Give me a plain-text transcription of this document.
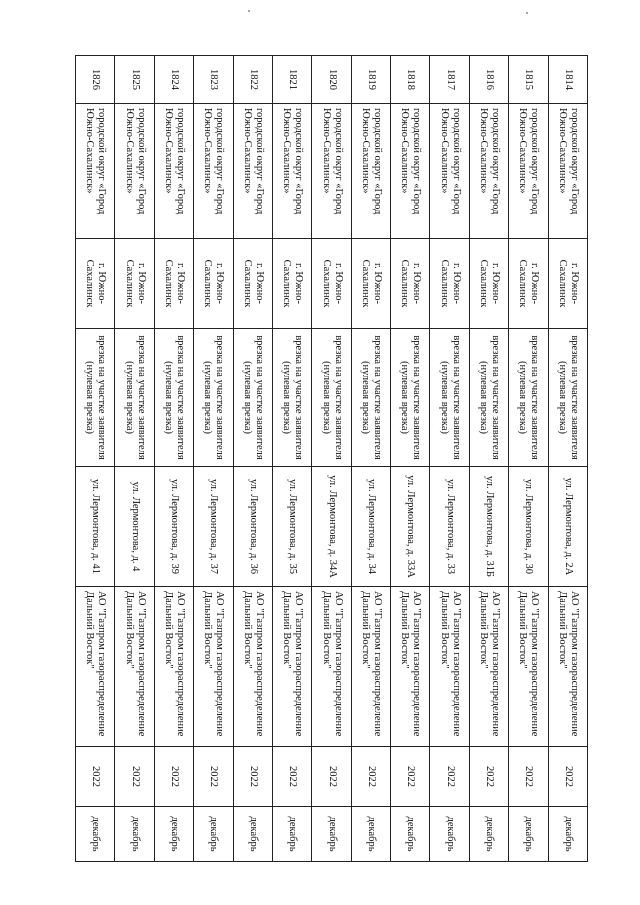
1814	городской округ «Город Южно-Сахалинск»	г. Южно-Сахалинск	врезка на участке заявителя (нулевая врезка)	ул. Лермонтова, д. 2А	АО "Газпром газораспределение Дальний Восток"	2022	декабрь
1815	городской округ «Город Южно-Сахалинск»	г. Южно-Сахалинск	врезка на участке заявителя (нулевая врезка)	ул. Лермонтова, д. 30	АО "Газпром газораспределение Дальний Восток"	2022	декабрь
1816	городской округ «Город Южно-Сахалинск»	г. Южно-Сахалинск	врезка на участке заявителя (нулевая врезка)	ул. Лермонтова, д. 31Б	АО "Газпром газораспределение Дальний Восток"	2022	декабрь
1817	городской округ «Город Южно-Сахалинск»	г. Южно-Сахалинск	врезка на участке заявителя (нулевая врезка)	ул. Лермонтова, д. 33	АО "Газпром газораспределение Дальний Восток"	2022	декабрь
1818	городской округ «Город Южно-Сахалинск»	г. Южно-Сахалинск	врезка на участке заявителя (нулевая врезка)	ул. Лермонтова, д. 33А	АО "Газпром газораспределение Дальний Восток"	2022	декабрь
1819	городской округ «Город Южно-Сахалинск»	г. Южно-Сахалинск	врезка на участке заявителя (нулевая врезка)	ул. Лермонтова, д. 34	АО "Газпром газораспределение Дальний Восток"	2022	декабрь
1820	городской округ «Город Южно-Сахалинск»	г. Южно-Сахалинск	врезка на участке заявителя (нулевая врезка)	ул. Лермонтова, д. 34А	АО "Газпром газораспределение Дальний Восток"	2022	декабрь
1821	городской округ «Город Южно-Сахалинск»	г. Южно-Сахалинск	врезка на участке заявителя (нулевая врезка)	ул. Лермонтова, д. 35	АО "Газпром газораспределение Дальний Восток"	2022	декабрь
1822	городской округ «Город Южно-Сахалинск»	г. Южно-Сахалинск	врезка на участке заявителя (нулевая врезка)	ул. Лермонтова, д. 36	АО "Газпром газораспределение Дальний Восток"	2022	декабрь
1823	городской округ «Город Южно-Сахалинск»	г. Южно-Сахалинск	врезка на участке заявителя (нулевая врезка)	ул. Лермонтова, д. 37	АО "Газпром газораспределение Дальний Восток"	2022	декабрь
1824	городской округ «Город Южно-Сахалинск»	г. Южно-Сахалинск	врезка на участке заявителя (нулевая врезка)	ул. Лермонтова, д. 39	АО "Газпром газораспределение Дальний Восток"	2022	декабрь
1825	городской округ «Город Южно-Сахалинск»	г. Южно-Сахалинск	врезка на участке заявителя (нулевая врезка)	ул. Лермонтова, д. 4	АО "Газпром газораспределение Дальний Восток"	2022	декабрь
1826	городской округ «Город Южно-Сахалинск»	г. Южно-Сахалинск	врезка на участке заявителя (нулевая врезка)	ул. Лермонтова, д. 41	АО "Газпром газораспределение Дальний Восток"	2022	декабрь
